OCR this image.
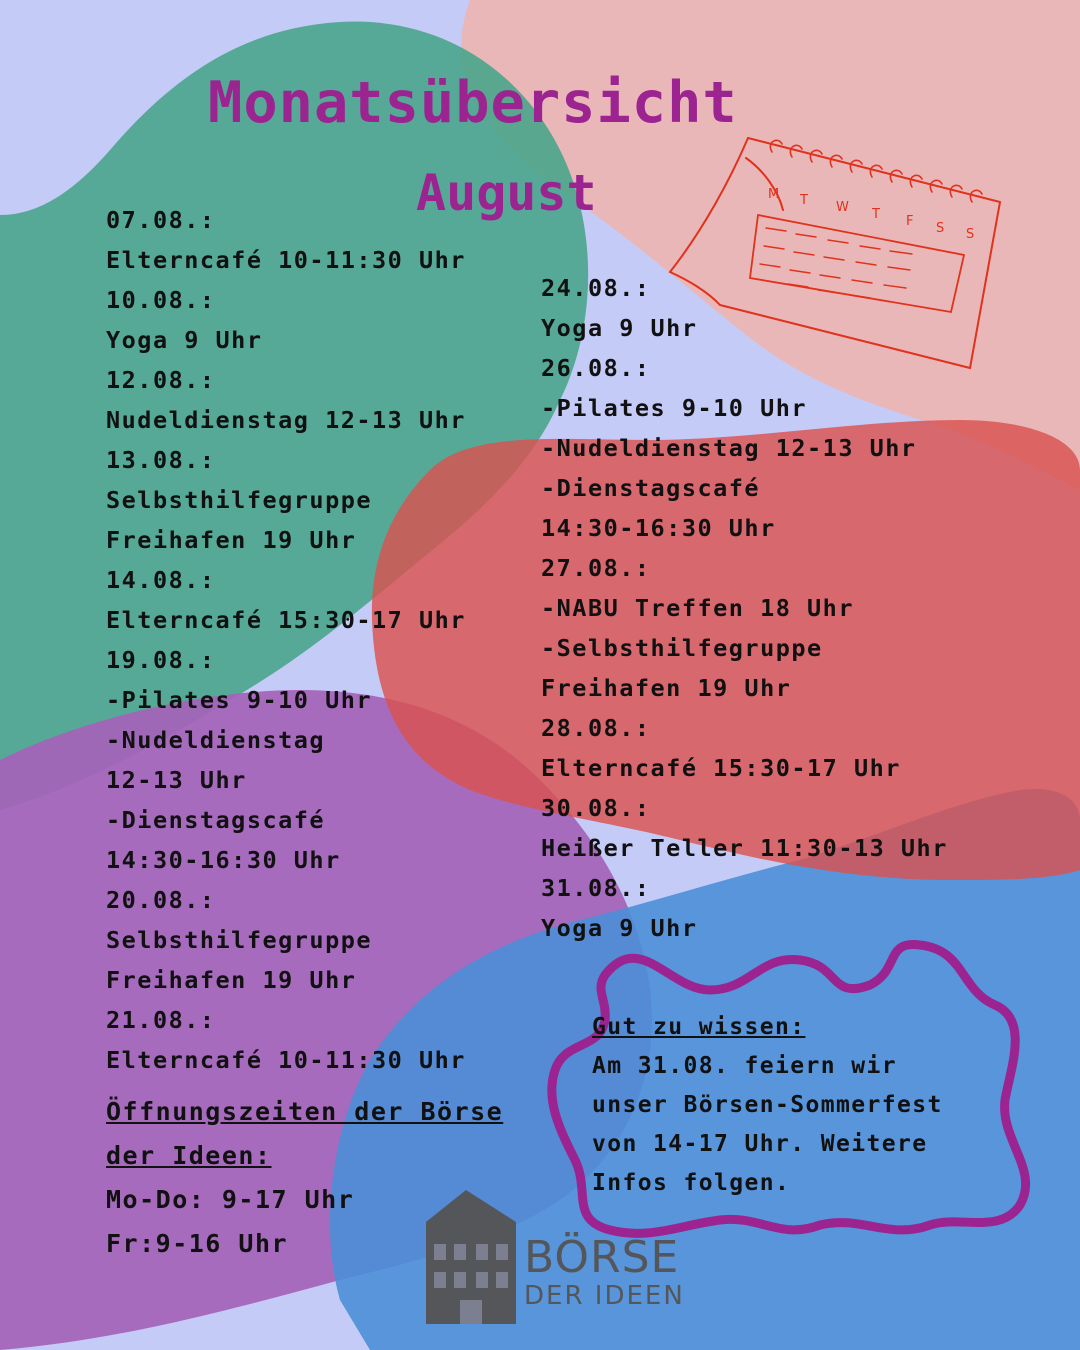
M T W T F S S
Monatsübersicht
August
07.08.:
Elterncafé 10-11:30 Uhr
10.08.:
Yoga 9 Uhr
12.08.:
Nudeldienstag 12-13 Uhr
13.08.:
Selbsthilfegruppe
Freihafen 19 Uhr
14.08.:
Elterncafé 15:30-17 Uhr
19.08.:
-Pilates 9-10 Uhr
-Nudeldienstag
12-13 Uhr
-Dienstagscafé
14:30-16:30 Uhr
20.08.:
Selbsthilfegruppe
Freihafen 19 Uhr
21.08.:
Elterncafé 10-11:30 Uhr
24.08.:
Yoga 9 Uhr
26.08.:
-Pilates 9-10 Uhr
-Nudeldienstag 12-13 Uhr
-Dienstagscafé
14:30-16:30 Uhr
27.08.:
-NABU Treffen 18 Uhr
-Selbsthilfegruppe
Freihafen 19 Uhr
28.08.:
Elterncafé 15:30-17 Uhr
30.08.:
Heißer Teller 11:30-13 Uhr
31.08.:
Yoga 9 Uhr
Öffnungszeiten der Börse
der Ideen:
Mo-Do: 9-17 Uhr
Fr:9-16 Uhr
Gut zu wissen:
Am 31.08. feiern wir
unser Börsen-Sommerfest
von 14-17 Uhr. Weitere
Infos folgen.
BÖRSE
DER IDEEN
